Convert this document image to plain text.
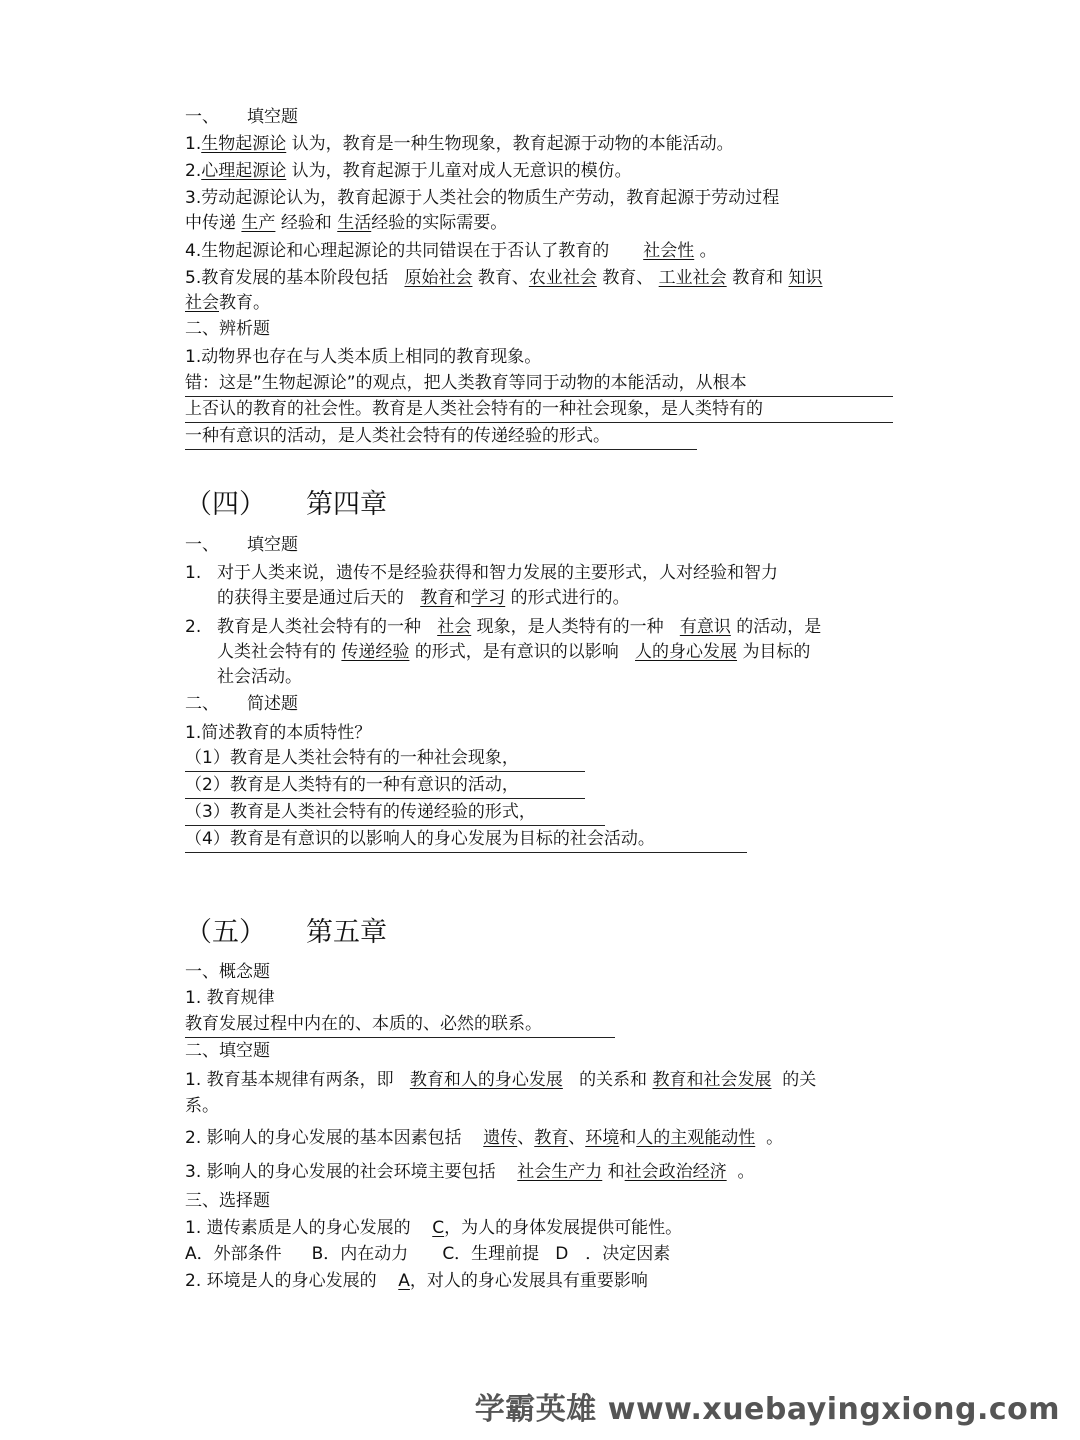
一、 填空题
1.生物起源论 认为，教育是一种生物现象，教育起源于动物的本能活动。
2.心理起源论 认为，教育起源于儿童对成人无意识的模仿。
3.劳动起源论认为，教育起源于人类社会的物质生产劳动，教育起源于劳动过程
中传递 生产 经验和 生活经验的实际需要。
4.生物起源论和心理起源论的共同错误在于否认了教育的 社会性 。
5.教育发展的基本阶段包括 原始社会 教育、农业社会 教育、 工业社会 教育和 知识
社会教育。
二、辨析题
1.动物界也存在与人类本质上相同的教育现象。
错：这是”生物起源论”的观点，把人类教育等同于动物的本能活动，从根本
上否认的教育的社会性。教育是人类社会特有的一种社会现象，是人类特有的
一种有意识的活动，是人类社会特有的传递经验的形式。
（四） 第四章
一、 填空题
1. 对于人类来说，遗传不是经验获得和智力发展的主要形式，人对经验和智力
的获得主要是通过后天的 教育和学习 的形式进行的。
2. 教育是人类社会特有的一种 社会 现象，是人类特有的一种 有意识 的活动，是
人类社会特有的 传递经验 的形式，是有意识的以影响 人的身心发展 为目标的
社会活动。
二、 简述题
1.简述教育的本质特性？
（1）教育是人类社会特有的一种社会现象，
（2）教育是人类特有的一种有意识的活动，
（3）教育是人类社会特有的传递经验的形式，
（4）教育是有意识的以影响人的身心发展为目标的社会活动。
（五） 第五章
一、概念题
1. 教育规律
教育发展过程中内在的、本质的、必然的联系。
二、填空题
1. 教育基本规律有两条，即 教育和人的身心发展 的关系和 教育和社会发展 的关
系。
2. 影响人的身心发展的基本因素包括 遗传、教育、环境和人的主观能动性 。
3. 影响人的身心发展的社会环境主要包括 社会生产力 和社会政治经济 。
三、选择题
1. 遗传素质是人的身心发展的 C，为人的身体发展提供可能性。
A．外部条件 B．内在动力 C．生理前提 D　．决定因素
2. 环境是人的身心发展的 A，对人的身心发展具有重要影响
学霸英雄 www.xuebayingxiong.com
